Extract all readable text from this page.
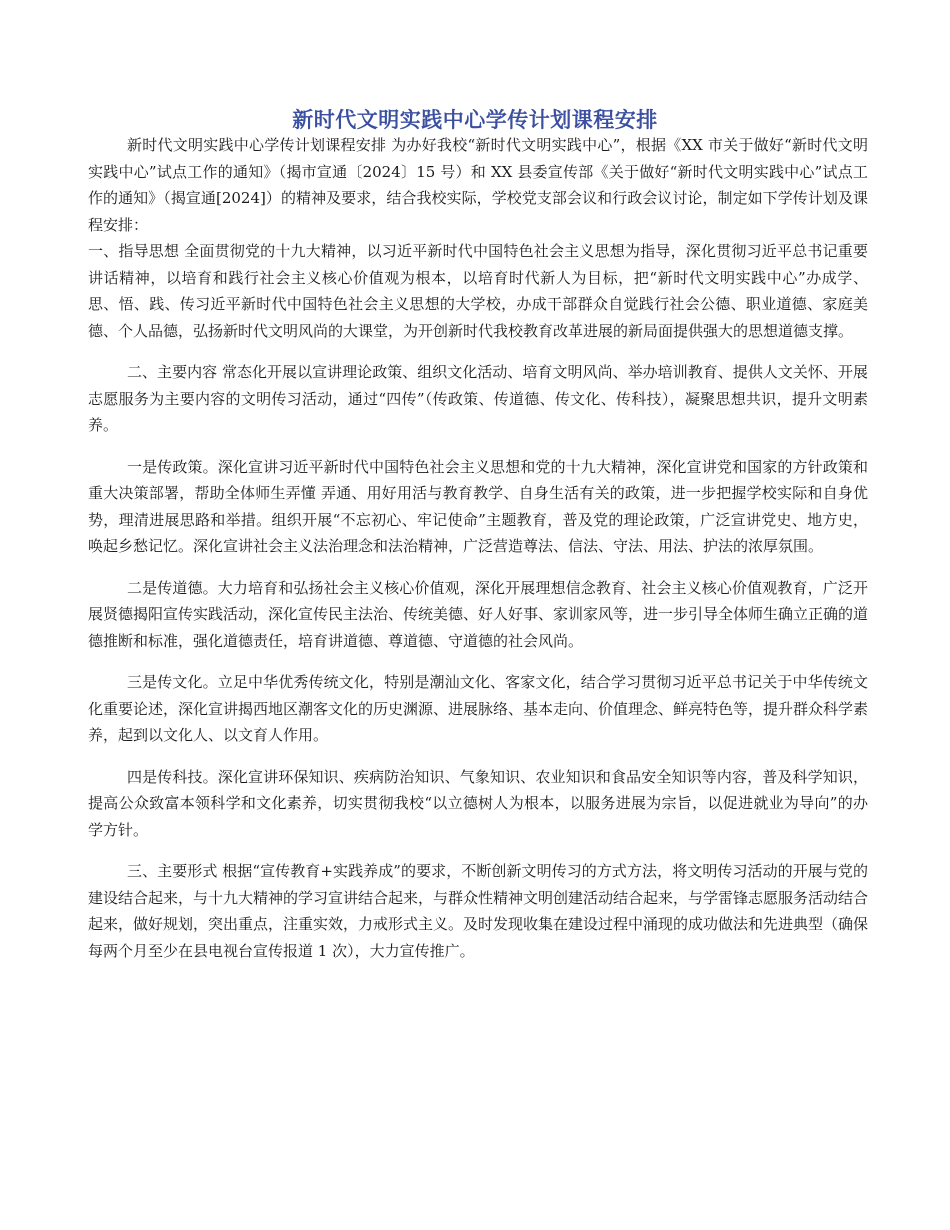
新时代文明实践中心学传计划课程安排

新时代文明实践中心学传计划课程安排 为办好我校“新时代文明实践中心”，根据《XX 市关于做好“新时代文明实践中心”试点工作的通知》（揭市宣通〔2024〕15 号）和 XX 县委宣传部《关于做好“新时代文明实践中心”试点工作的通知》（揭宣通[2024]）的精神及要求，结合我校实际，学校党支部会议和行政会议讨论，制定如下学传计划及课程安排：

一、指导思想 全面贯彻党的十九大精神，以习近平新时代中国特色社会主义思想为指导，深化贯彻习近平总书记重要讲话精神，以培育和践行社会主义核心价值观为根本，以培育时代新人为目标，把“新时代文明实践中心”办成学、思、悟、践、传习近平新时代中国特色社会主义思想的大学校，办成干部群众自觉践行社会公德、职业道德、家庭美德、个人品德，弘扬新时代文明风尚的大课堂，为开创新时代我校教育改革进展的新局面提供强大的思想道德支撑。

二、主要内容 常态化开展以宣讲理论政策、组织文化活动、培育文明风尚、举办培训教育、提供人文关怀、开展志愿服务为主要内容的文明传习活动，通过“四传”（传政策、传道德、传文化、传科技），凝聚思想共识，提升文明素养。

一是传政策。深化宣讲习近平新时代中国特色社会主义思想和党的十九大精神，深化宣讲党和国家的方针政策和重大决策部署，帮助全体师生弄懂 弄通、用好用活与教育教学、自身生活有关的政策，进一步把握学校实际和自身优势，理清进展思路和举措。组织开展“不忘初心、牢记使命”主题教育，普及党的理论政策，广泛宣讲党史、地方史，唤起乡愁记忆。深化宣讲社会主义法治理念和法治精神，广泛营造尊法、信法、守法、用法、护法的浓厚氛围。

二是传道德。大力培育和弘扬社会主义核心价值观，深化开展理想信念教育、社会主义核心价值观教育，广泛开展贤德揭阳宣传实践活动，深化宣传民主法治、传统美德、好人好事、家训家风等，进一步引导全体师生确立正确的道德推断和标准，强化道德责任，培育讲道德、尊道德、守道德的社会风尚。

三是传文化。立足中华优秀传统文化，特别是潮汕文化、客家文化，结合学习贯彻习近平总书记关于中华传统文化重要论述，深化宣讲揭西地区潮客文化的历史渊源、进展脉络、基本走向、价值理念、鲜亮特色等，提升群众科学素养，起到以文化人、以文育人作用。

四是传科技。深化宣讲环保知识、疾病防治知识、气象知识、农业知识和食品安全知识等内容，普及科学知识，提高公众致富本领科学和文化素养，切实贯彻我校“以立德树人为根本，以服务进展为宗旨，以促进就业为导向”的办学方针。

三、主要形式 根据“宣传教育+实践养成”的要求，不断创新文明传习的方式方法，将文明传习活动的开展与党的建设结合起来，与十九大精神的学习宣讲结合起来，与群众性精神文明创建活动结合起来，与学雷锋志愿服务活动结合起来，做好规划，突出重点，注重实效，力戒形式主义。及时发现收集在建设过程中涌现的成功做法和先进典型（确保每两个月至少在县电视台宣传报道 1 次），大力宣传推广。
